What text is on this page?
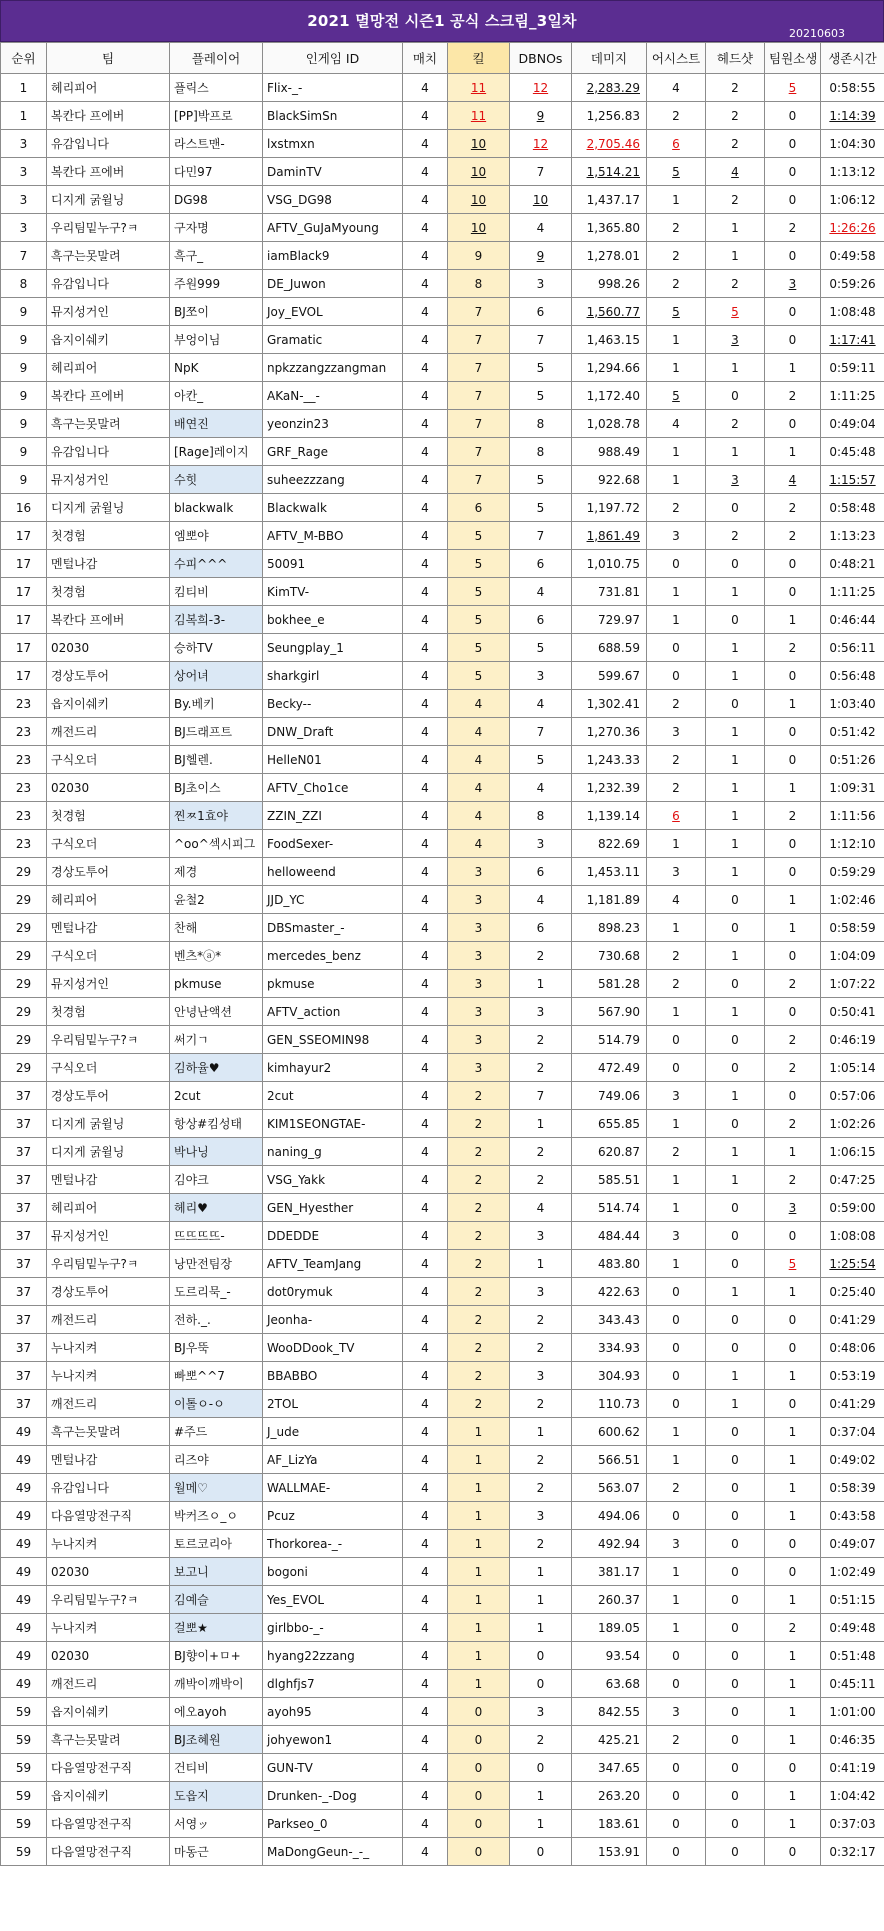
2021 멸망전 시즌1 공식 스크림_3일차
20210603
순위	팀	플레이어	인게임 ID	매치	킬	DBNOs	데미지	어시스트	헤드샷	팀원소생	생존시간
1	헤리피어	플릭스	Flix-_-	4	11	12	2,283.29	4	2	5	0:58:55
1	복칸다 프에버	[PP]박프로	BlackSimSn	4	11	9	1,256.83	2	2	0	1:14:39
3	유감입니다	라스트맨-	lxstmxn	4	10	12	2,705.46	6	2	0	1:04:30
3	복칸다 프에버	다민97	DaminTV	4	10	7	1,514.21	5	4	0	1:13:12
3	디지게 굵윌닝	DG98	VSG_DG98	4	10	10	1,437.17	1	2	0	1:06:12
3	우리팀밑누구?ㅋ	구자명	AFTV_GuJaMyoung	4	10	4	1,365.80	2	1	2	1:26:26
7	흑구는못말려	흑구_	iamBlack9	4	9	9	1,278.01	2	1	0	0:49:58
8	유감입니다	주원999	DE_Juwon	4	8	3	998.26	2	2	3	0:59:26
9	뮤지성거인	BJ쪼이	Joy_EVOL	4	7	6	1,560.77	5	5	0	1:08:48
9	읍지이쉐키	부엉이님	Gramatic	4	7	7	1,463.15	1	3	0	1:17:41
9	헤리피어	NpK	npkzzangzzangman	4	7	5	1,294.66	1	1	1	0:59:11
9	복칸다 프에버	아칸_	AKaN-__-	4	7	5	1,172.40	5	0	2	1:11:25
9	흑구는못말려	배연진	yeonzin23	4	7	8	1,028.78	4	2	0	0:49:04
9	유감입니다	[Rage]레이지	GRF_Rage	4	7	8	988.49	1	1	1	0:45:48
9	뮤지성거인	수힛	suheezzzang	4	7	5	922.68	1	3	4	1:15:57
16	디지게 굵윌닝	blackwalk	Blackwalk	4	6	5	1,197.72	2	0	2	0:58:48
17	첫경험	엠뽀야	AFTV_M-BBO	4	5	7	1,861.49	3	2	2	1:13:23
17	멘털나감	수피^^^	50091	4	5	6	1,010.75	0	0	0	0:48:21
17	첫경험	킴티비	KimTV-	4	5	4	731.81	1	1	0	1:11:25
17	복칸다 프에버	김복희-3-	bokhee_e	4	5	6	729.97	1	0	1	0:46:44
17	02030	승하TV	Seungplay_1	4	5	5	688.59	0	1	2	0:56:11
17	경상도투어	상어녀	sharkgirl	4	5	3	599.67	0	1	0	0:56:48
23	읍지이쉐키	By.베키	Becky--	4	4	4	1,302.41	2	0	1	1:03:40
23	깨전드리	BJ드래프트	DNW_Draft	4	4	7	1,270.36	3	1	0	0:51:42
23	구식오더	BJ헬렌.	HelleN01	4	4	5	1,243.33	2	1	0	0:51:26
23	02030	BJ초이스	AFTV_Cho1ce	4	4	4	1,232.39	2	1	1	1:09:31
23	첫경험	찐ㅉ1효야	ZZIN_ZZI	4	4	8	1,139.14	6	1	2	1:11:56
23	구식오더	^oo^섹시피그	FoodSexer-	4	4	3	822.69	1	1	0	1:12:10
29	경상도투어	제경	helloweend	4	3	6	1,453.11	3	1	0	0:59:29
29	헤리피어	윤철2	JJD_YC	4	3	4	1,181.89	4	0	1	1:02:46
29	멘털나감	찬해	DBSmaster_-	4	3	6	898.23	1	0	1	0:58:59
29	구식오더	벤츠*ⓐ*	mercedes_benz	4	3	2	730.68	2	1	0	1:04:09
29	뮤지성거인	pkmuse	pkmuse	4	3	1	581.28	2	0	2	1:07:22
29	첫경험	안녕난액션	AFTV_action	4	3	3	567.90	1	1	0	0:50:41
29	우리팀밑누구?ㅋ	써기ㄱ	GEN_SSEOMIN98	4	3	2	514.79	0	0	2	0:46:19
29	구식오더	김하율♥	kimhayur2	4	3	2	472.49	0	0	2	1:05:14
37	경상도투어	2cut	2cut	4	2	7	749.06	3	1	0	0:57:06
37	디지게 굵윌닝	항상#킴성태	KIM1SEONGTAE-	4	2	1	655.85	1	0	2	1:02:26
37	디지게 굵윌닝	박나닝	naning_g	4	2	2	620.87	2	1	1	1:06:15
37	멘털나감	김야크	VSG_Yakk	4	2	2	585.51	1	1	2	0:47:25
37	헤리피어	헤리♥	GEN_Hyesther	4	2	4	514.74	1	0	3	0:59:00
37	뮤지성거인	뜨뜨뜨뜨-	DDEDDE	4	2	3	484.44	3	0	0	1:08:08
37	우리팀밑누구?ㅋ	낭만전팀장	AFTV_TeamJang	4	2	1	483.80	1	0	5	1:25:54
37	경상도투어	도르리묵_-	dot0rymuk	4	2	3	422.63	0	1	1	0:25:40
37	깨전드리	전하._.	Jeonha-	4	2	2	343.43	0	0	0	0:41:29
37	누나지켜	BJ우뚝	WooDDook_TV	4	2	2	334.93	0	0	0	0:48:06
37	누나지켜	빠뽀^^7	BBABBO	4	2	3	304.93	0	1	1	0:53:19
37	깨전드리	이톨ㅇ-ㅇ	2TOL	4	2	2	110.73	0	1	0	0:41:29
49	흑구는못말려	#주드	J_ude	4	1	1	600.62	1	0	1	0:37:04
49	멘털나감	리즈야	AF_LizYa	4	1	2	566.51	1	0	1	0:49:02
49	유감입니다	월메♡	WALLMAE-	4	1	2	563.07	2	0	1	0:58:39
49	다음열망전구직	박커즈ㅇ_ㅇ	Pcuz	4	1	3	494.06	0	0	1	0:43:58
49	누나지켜	토르코리아	Thorkorea-_-	4	1	2	492.94	3	0	0	0:49:07
49	02030	보고니	bogoni	4	1	1	381.17	1	0	0	1:02:49
49	우리팀밑누구?ㅋ	김예슬	Yes_EVOL	4	1	1	260.37	1	0	1	0:51:15
49	누나지켜	걸뽀★	girlbbo-_-	4	1	1	189.05	1	0	2	0:49:48
49	02030	BJ향이+ㅁ+	hyang22zzang	4	1	0	93.54	0	0	1	0:51:48
49	깨전드리	깨박이깨박이	dlghfjs7	4	1	0	63.68	0	0	1	0:45:11
59	읍지이쉐키	에오ayoh	ayoh95	4	0	3	842.55	3	0	1	1:01:00
59	흑구는못말려	BJ조혜원	johyewon1	4	0	2	425.21	2	0	1	0:46:35
59	다음열망전구직	건티비	GUN-TV	4	0	0	347.65	0	0	0	0:41:19
59	읍지이쉐키	도읍지	Drunken-_-Dog	4	0	1	263.20	0	0	1	1:04:42
59	다음열망전구직	서영ッ	Parkseo_0	4	0	1	183.61	0	0	1	0:37:03
59	다음열망전구직	마동근	MaDongGeun-_-_	4	0	0	153.91	0	0	0	0:32:17
